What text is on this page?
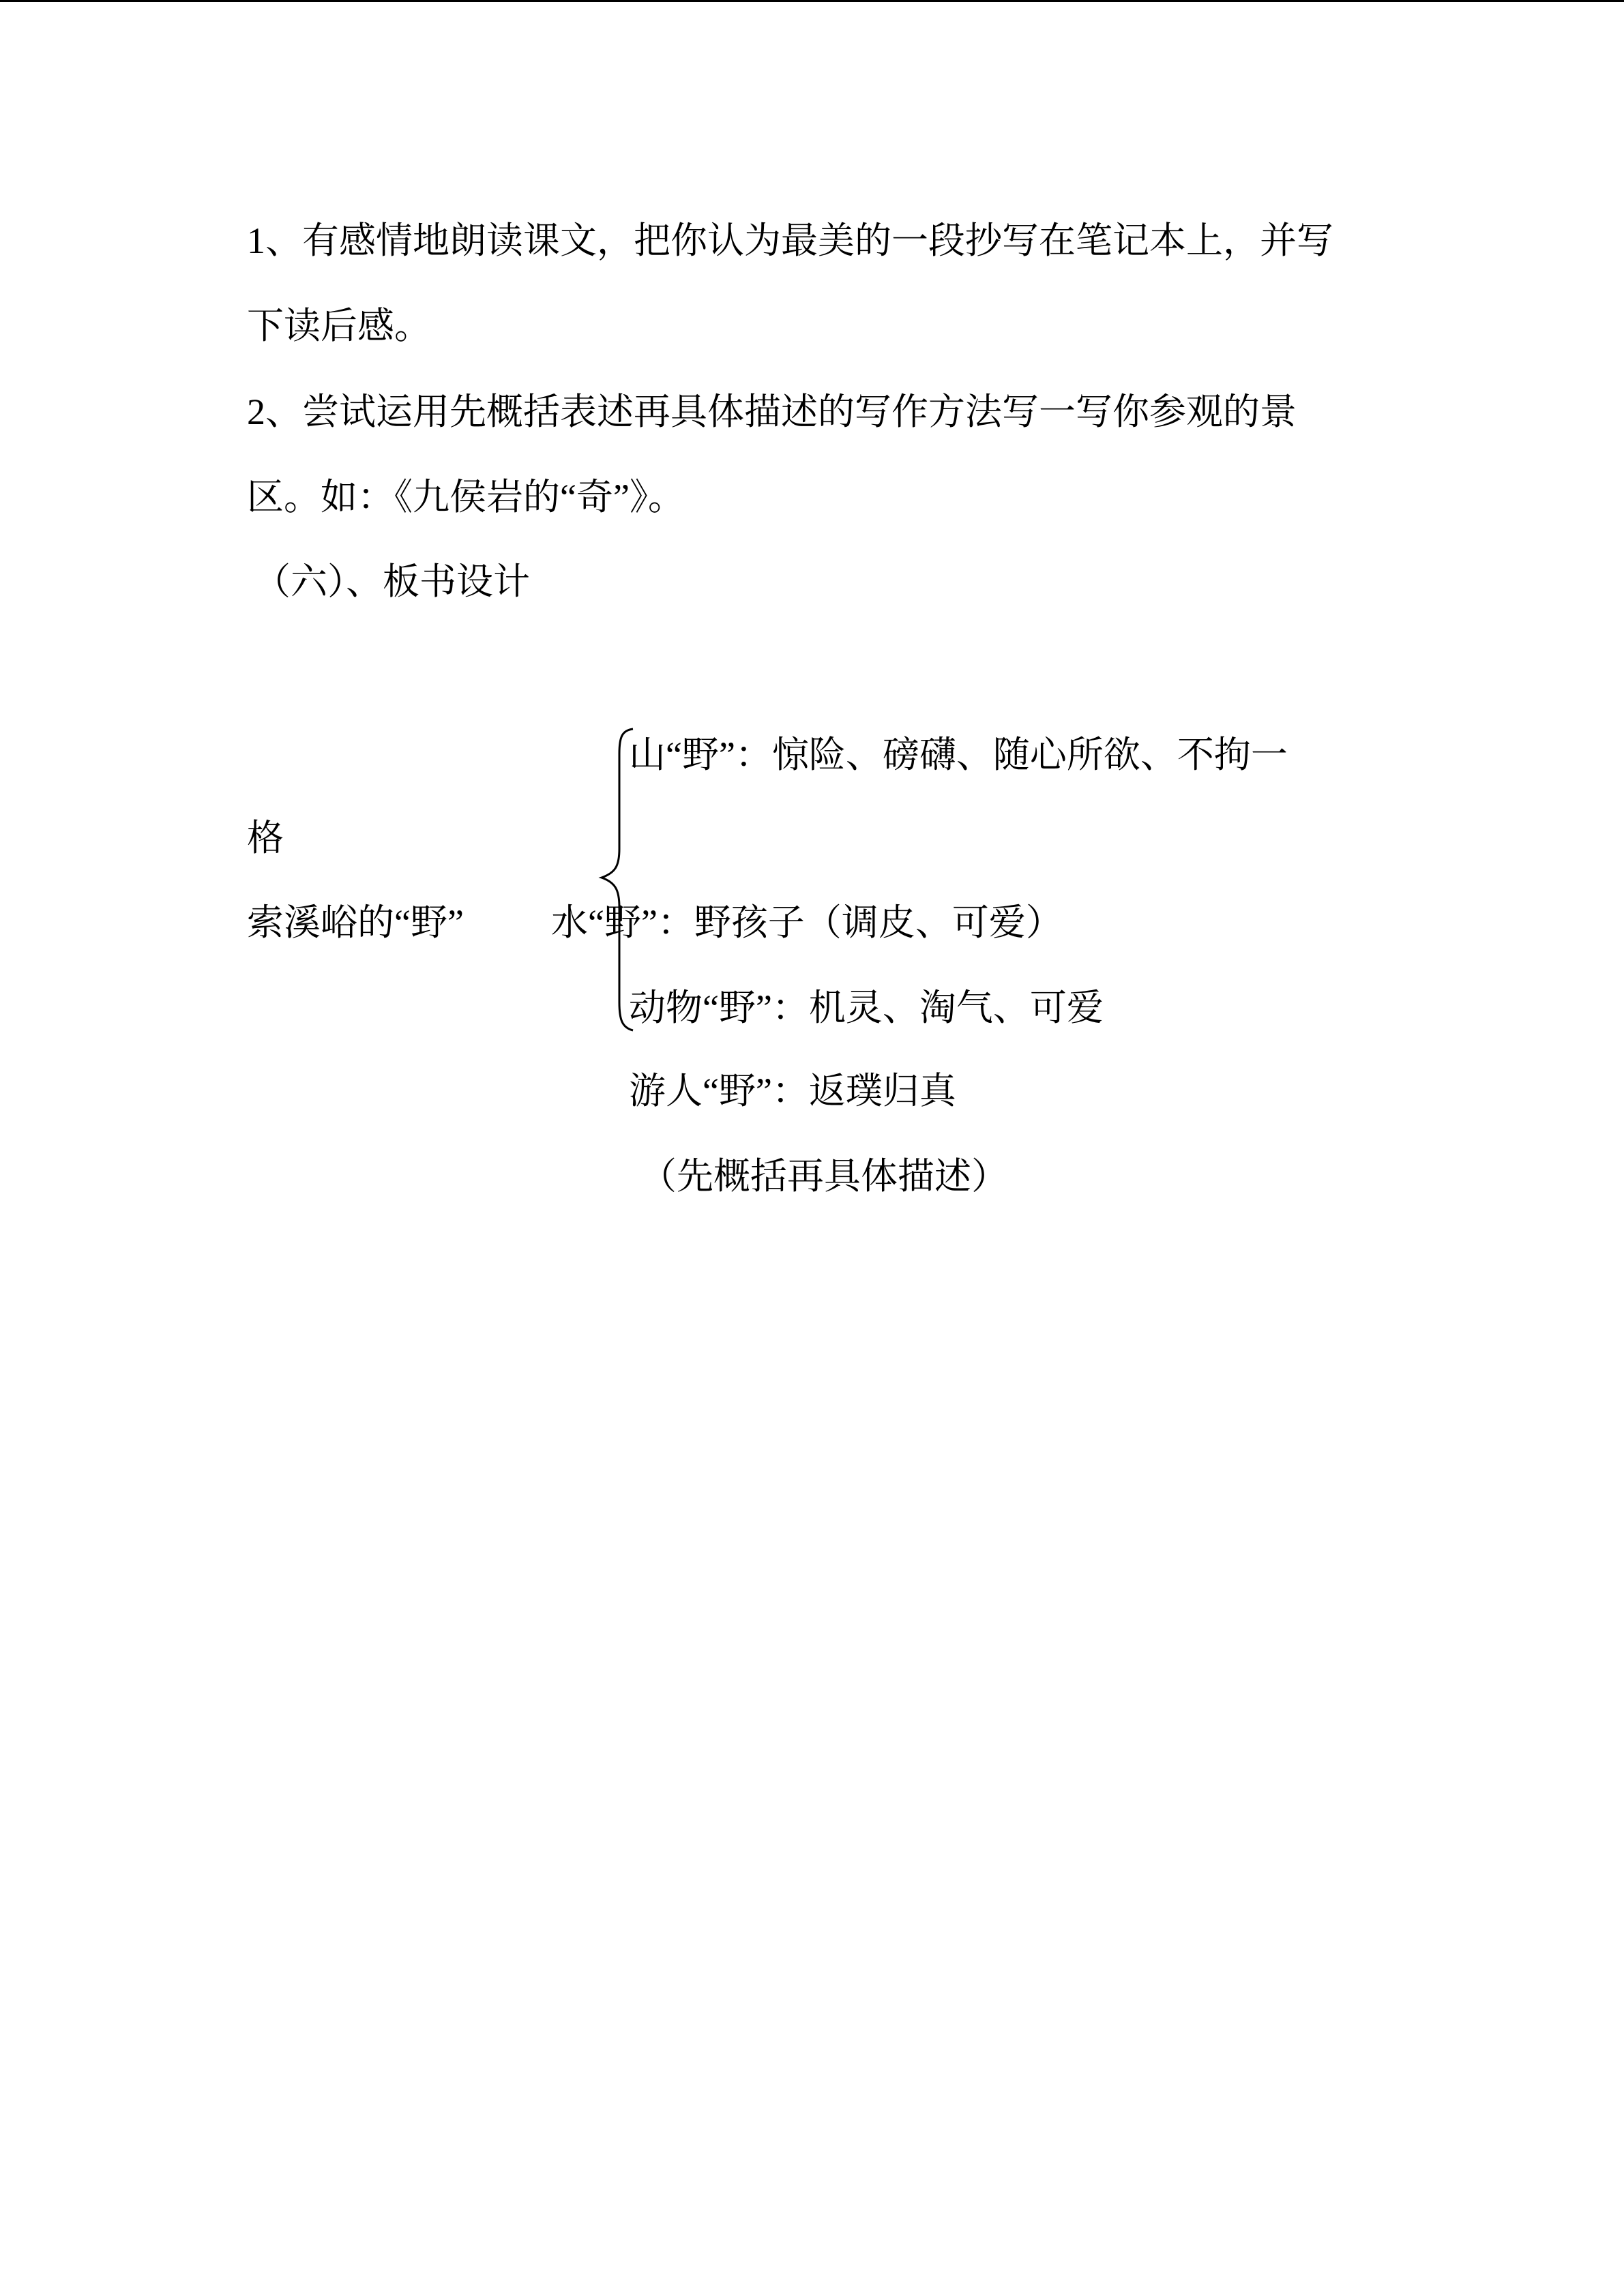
1、有感情地朗读课文，把你认为最美的一段抄写在笔记本上，并写
下读后感。
2、尝试运用先概括表述再具体描述的写作方法写一写你参观的景
区。如：《九侯岩的“奇”》。
（六）、板书设计
山“野”：惊险、磅礴、随心所欲、不拘一
格
索溪峪的“野” 水“野”：野孩子（调皮、可爱）
动物“野”：机灵、淘气、可爱
游人“野”：返璞归真
（先概括再具体描述）
